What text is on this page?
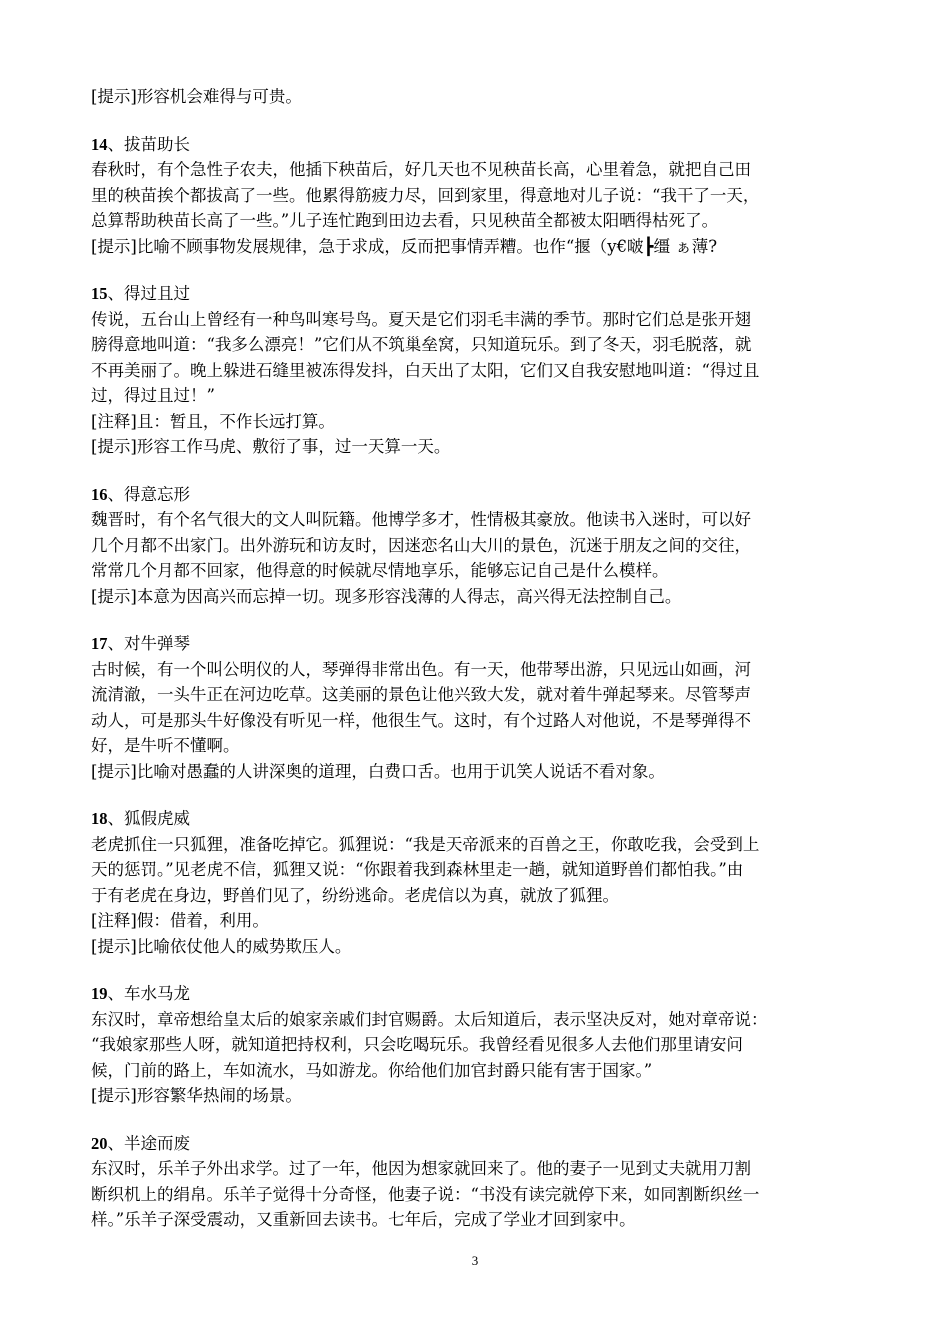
[提示]形容机会难得与可贵。
14、拔苗助长
春秋时，有个急性子农夫，他插下秧苗后，好几天也不见秧苗长高，心里着急，就把自己田
里的秧苗挨个都拔高了一些。他累得筋疲力尽，回到家里，得意地对儿子说：“我干了一天，
总算帮助秧苗长高了一些。”儿子连忙跑到田边去看，只见秧苗全都被太阳晒得枯死了。
[提示]比喻不顾事物发展规律，急于求成，反而把事情弄糟。也作“揠（y€啵┣缰 ぁ薄?
15、得过且过
传说，五台山上曾经有一种鸟叫寒号鸟。夏天是它们羽毛丰满的季节。那时它们总是张开翅
膀得意地叫道：“我多么漂亮！”它们从不筑巢垒窝，只知道玩乐。到了冬天，羽毛脱落，就
不再美丽了。晚上躲进石缝里被冻得发抖，白天出了太阳，它们又自我安慰地叫道：“得过且
过，得过且过！”
[注释]且：暂且，不作长远打算。
[提示]形容工作马虎、敷衍了事，过一天算一天。
16、得意忘形
魏晋时，有个名气很大的文人叫阮籍。他博学多才，性情极其豪放。他读书入迷时，可以好
几个月都不出家门。出外游玩和访友时，因迷恋名山大川的景色，沉迷于朋友之间的交往，
常常几个月都不回家，他得意的时候就尽情地享乐，能够忘记自己是什么模样。
[提示]本意为因高兴而忘掉一切。现多形容浅薄的人得志，高兴得无法控制自己。
17、对牛弹琴
古时候，有一个叫公明仪的人，琴弹得非常出色。有一天，他带琴出游，只见远山如画，河
流清澈，一头牛正在河边吃草。这美丽的景色让他兴致大发，就对着牛弹起琴来。尽管琴声
动人，可是那头牛好像没有听见一样，他很生气。这时，有个过路人对他说，不是琴弹得不
好，是牛听不懂啊。
[提示]比喻对愚蠢的人讲深奥的道理，白费口舌。也用于讥笑人说话不看对象。
18、狐假虎威
老虎抓住一只狐狸，准备吃掉它。狐狸说：“我是天帝派来的百兽之王，你敢吃我，会受到上
天的惩罚。”见老虎不信，狐狸又说：“你跟着我到森林里走一趟，就知道野兽们都怕我。”由
于有老虎在身边，野兽们见了，纷纷逃命。老虎信以为真，就放了狐狸。
[注释]假：借着，利用。
[提示]比喻依仗他人的威势欺压人。
19、车水马龙
东汉时，章帝想给皇太后的娘家亲戚们封官赐爵。太后知道后，表示坚决反对，她对章帝说：
“我娘家那些人呀，就知道把持权利，只会吃喝玩乐。我曾经看见很多人去他们那里请安问
候，门前的路上，车如流水，马如游龙。你给他们加官封爵只能有害于国家。”
[提示]形容繁华热闹的场景。
20、半途而废
东汉时，乐羊子外出求学。过了一年，他因为想家就回来了。他的妻子一见到丈夫就用刀割
断织机上的绢帛。乐羊子觉得十分奇怪，他妻子说：“书没有读完就停下来，如同割断织丝一
样。”乐羊子深受震动，又重新回去读书。七年后，完成了学业才回到家中。
3
